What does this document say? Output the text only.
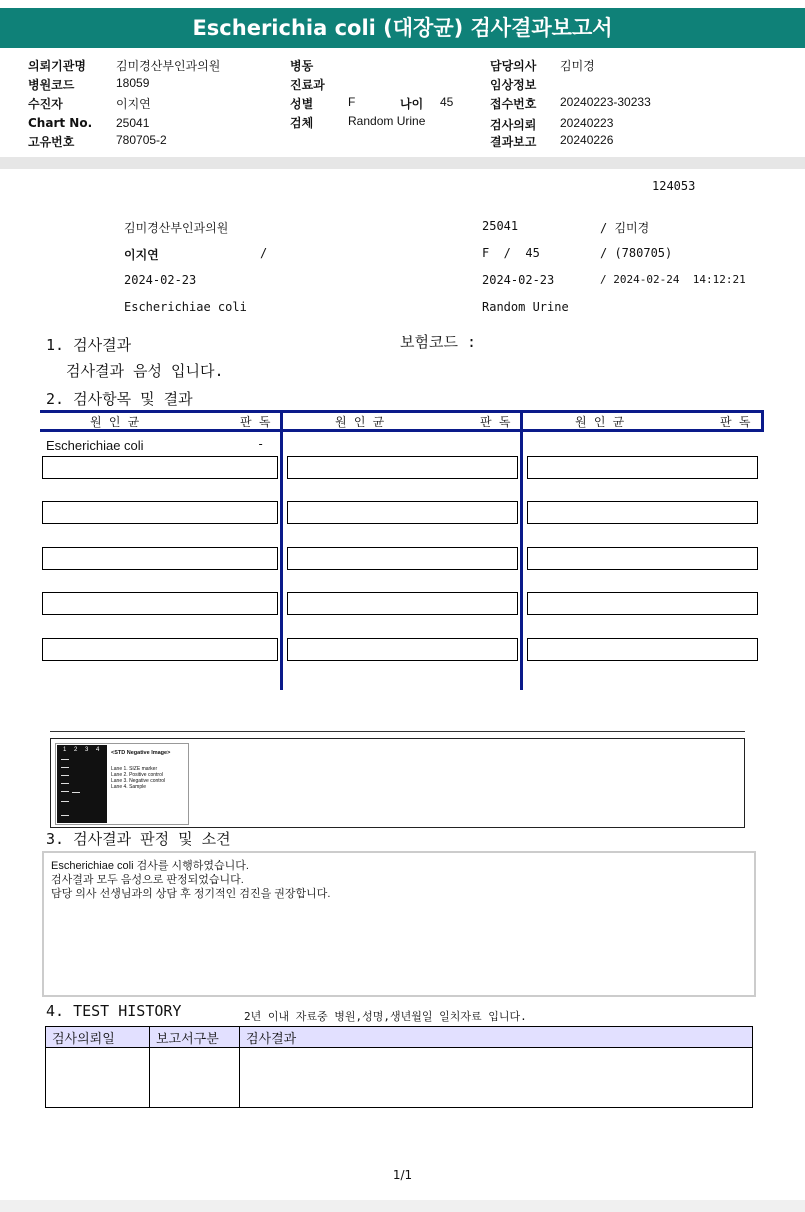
Escherichia coli (대장균) 검사결과보고서
의뢰기관명	김미경산부인과의원
병원코드	18059
수진자	이지연
Chart No. 25041
고유번호	780705-2
병동
진료과
성별	F	나이 45
검체	Random Urine
담당의사 김미경
임상정보
접수번호 20240223-30233
검사의뢰 20240223
결과보고 20240226
124053
김미경산부인과의원	25041	/ 김미경
이지연	/	F  /  45	/ (780705)
2024-02-23	2024-02-23	/ 2024-02-24  14:12:21
Escherichiae coli	Random Urine
1. 검사결과	보험코드 :
검사결과 음성 입니다.
2. 검사항목 및 결과
원 인 균	판 독	원 인 균	판 독	원 인 균	판 독
Escherichiae coli	-
1 2 3 4 <STD Negative Image>
Lane 1. SIZE marker
Lane 2. Positive control
Lane 3. Negative control
Lane 4. Sample
3. 검사결과 판정 및 소견
Escherichiae coli 검사를 시행하였습니다.
검사결과 모두 음성으로 판정되었습니다.
담당 의사 선생님과의 상담 후 정기적인 검진을 권장합니다.
4. TEST HISTORY	2년 이내 자료중 병원,성명,생년월일 일치자료 입니다.
검사의뢰일	보고서구분	검사결과

1/1
